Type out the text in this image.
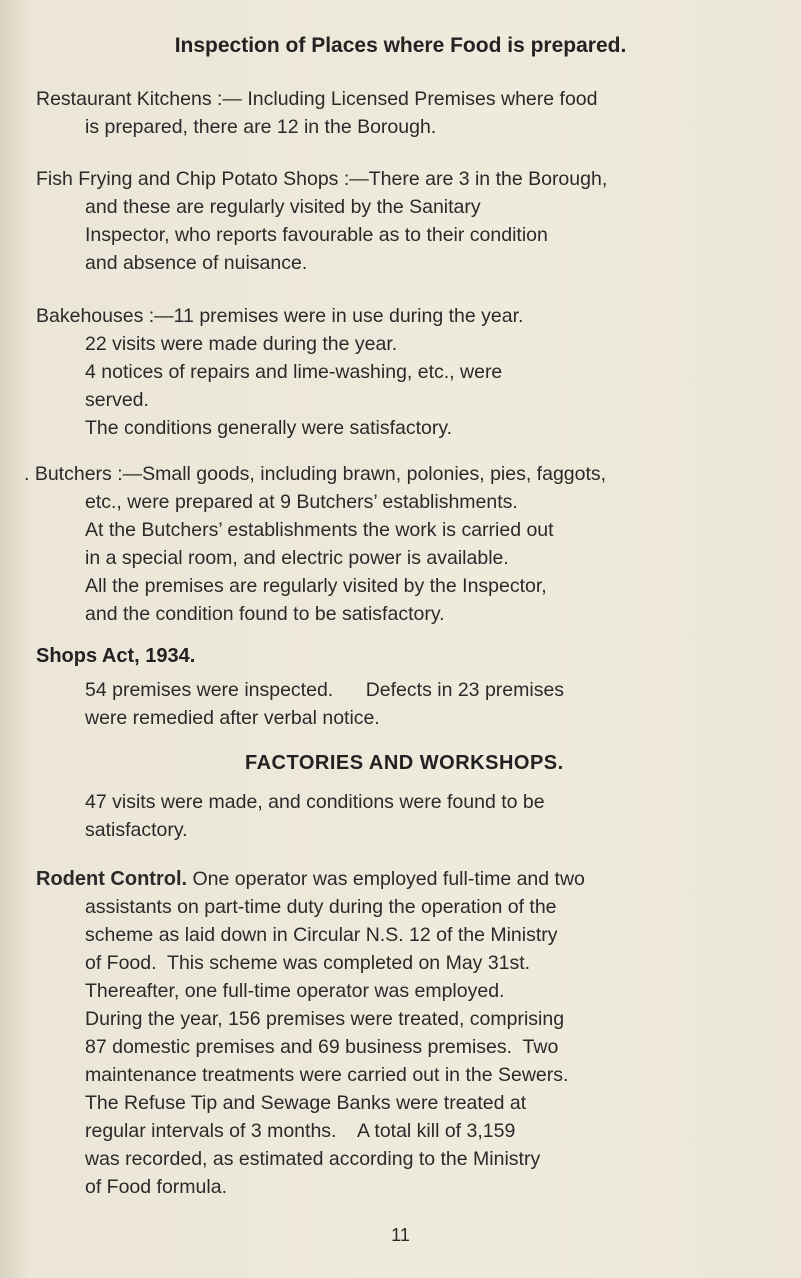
Inspection of Places where Food is prepared.
Restaurant Kitchens :— Including Licensed Premises where food
is prepared, there are 12 in the Borough.
Fish Frying and Chip Potato Shops :—There are 3 in the Borough,
and these are regularly visited by the Sanitary
Inspector, who reports favourable as to their condition
and absence of nuisance.
Bakehouses :—11 premises were in use during the year.
22 visits were made during the year.
4 notices of repairs and lime-washing, etc., were
served.
The conditions generally were satisfactory.
. Butchers :—Small goods, including brawn, polonies, pies, faggots,
etc., were prepared at 9 Butchers’ establishments.
At the Butchers’ establishments the work is carried out
in a special room, and electric power is available.
All the premises are regularly visited by the Inspector,
and the condition found to be satisfactory.
Shops Act, 1934.
54 premises were inspected.      Defects in 23 premises
were remedied after verbal notice.
FACTORIES AND WORKSHOPS.
47 visits were made, and conditions were found to be
satisfactory.
Rodent Control. One operator was employed full-time and two
assistants on part-time duty during the operation of the
scheme as laid down in Circular N.S. 12 of the Ministry
of Food.  This scheme was completed on May 31st.
Thereafter, one full-time operator was employed.
During the year, 156 premises were treated, comprising
87 domestic premises and 69 business premises.  Two
maintenance treatments were carried out in the Sewers.
The Refuse Tip and Sewage Banks were treated at
regular intervals of 3 months.    A total kill of 3,159
was recorded, as estimated according to the Ministry
of Food formula.
11
